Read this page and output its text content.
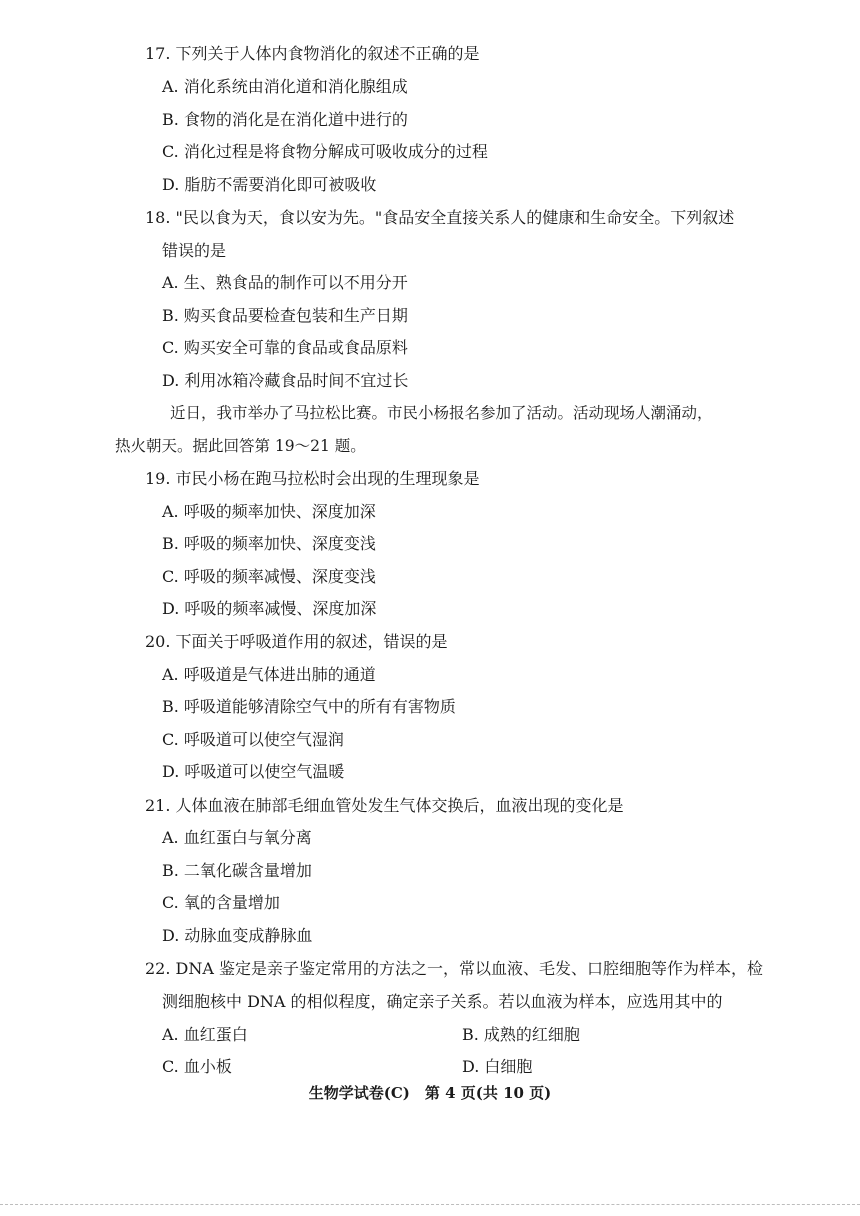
17. 下列关于人体内食物消化的叙述不正确的是
A. 消化系统由消化道和消化腺组成
B. 食物的消化是在消化道中进行的
C. 消化过程是将食物分解成可吸收成分的过程
D. 脂肪不需要消化即可被吸收
18. "民以食为天，食以安为先。"食品安全直接关系人的健康和生命安全。下列叙述
错误的是
A. 生、熟食品的制作可以不用分开
B. 购买食品要检查包装和生产日期
C. 购买安全可靠的食品或食品原料
D. 利用冰箱冷藏食品时间不宜过长
近日，我市举办了马拉松比赛。市民小杨报名参加了活动。活动现场人潮涌动，
热火朝天。据此回答第 19～21 题。
19. 市民小杨在跑马拉松时会出现的生理现象是
A. 呼吸的频率加快、深度加深
B. 呼吸的频率加快、深度变浅
C. 呼吸的频率减慢、深度变浅
D. 呼吸的频率减慢、深度加深
20. 下面关于呼吸道作用的叙述，错误的是
A. 呼吸道是气体进出肺的通道
B. 呼吸道能够清除空气中的所有有害物质
C. 呼吸道可以使空气湿润
D. 呼吸道可以使空气温暖
21. 人体血液在肺部毛细血管处发生气体交换后，血液出现的变化是
A. 血红蛋白与氧分离
B. 二氧化碳含量增加
C. 氧的含量增加
D. 动脉血变成静脉血
22. DNA 鉴定是亲子鉴定常用的方法之一，常以血液、毛发、口腔细胞等作为样本，检
测细胞核中 DNA 的相似程度，确定亲子关系。若以血液为样本，应选用其中的
A. 血红蛋白	B. 成熟的红细胞
C. 血小板	D. 白细胞
生物学试卷(C)　第 4 页(共 10 页)
